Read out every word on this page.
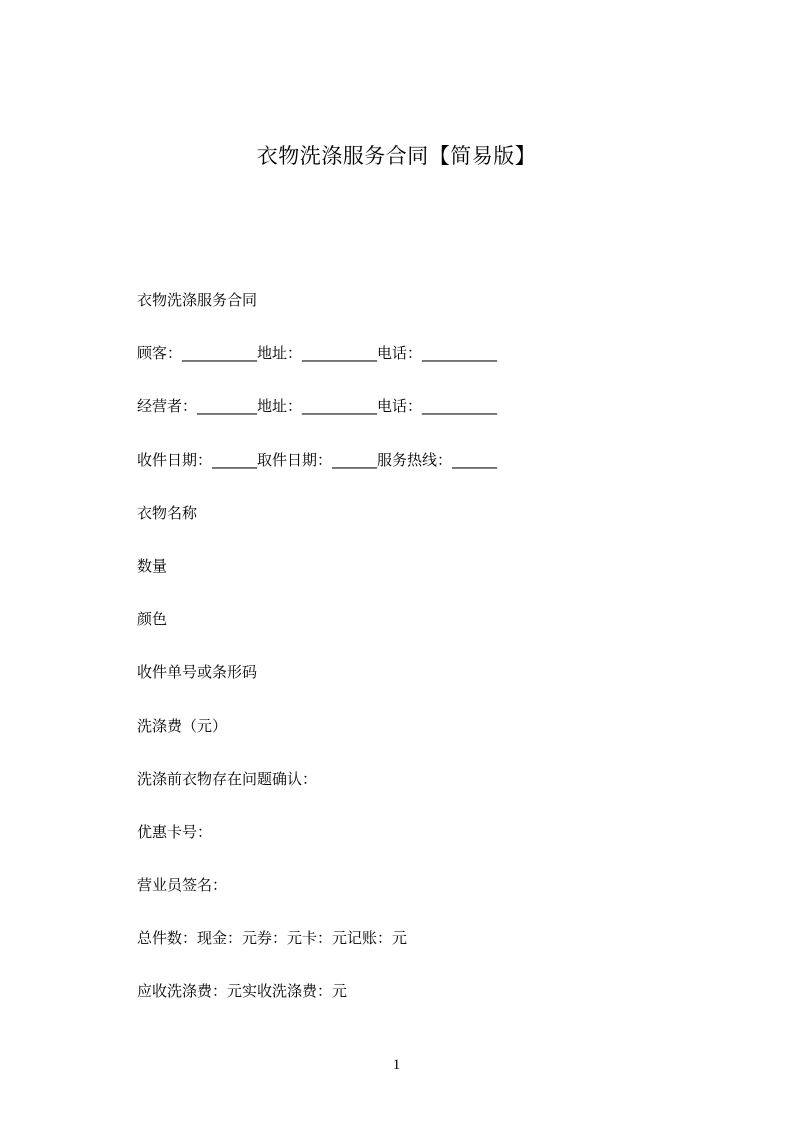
衣物洗涤服务合同【简易版】
衣物洗涤服务合同
顾客：__________地址：__________电话：__________
经营者：________地址：__________电话：__________
收件日期：______取件日期：______服务热线：______
衣物名称
数量
颜色
收件单号或条形码
洗涤费（元）
洗涤前衣物存在问题确认：
优惠卡号：
营业员签名：
总件数：现金：元券：元卡：元记账：元
应收洗涤费：元实收洗涤费：元
1
